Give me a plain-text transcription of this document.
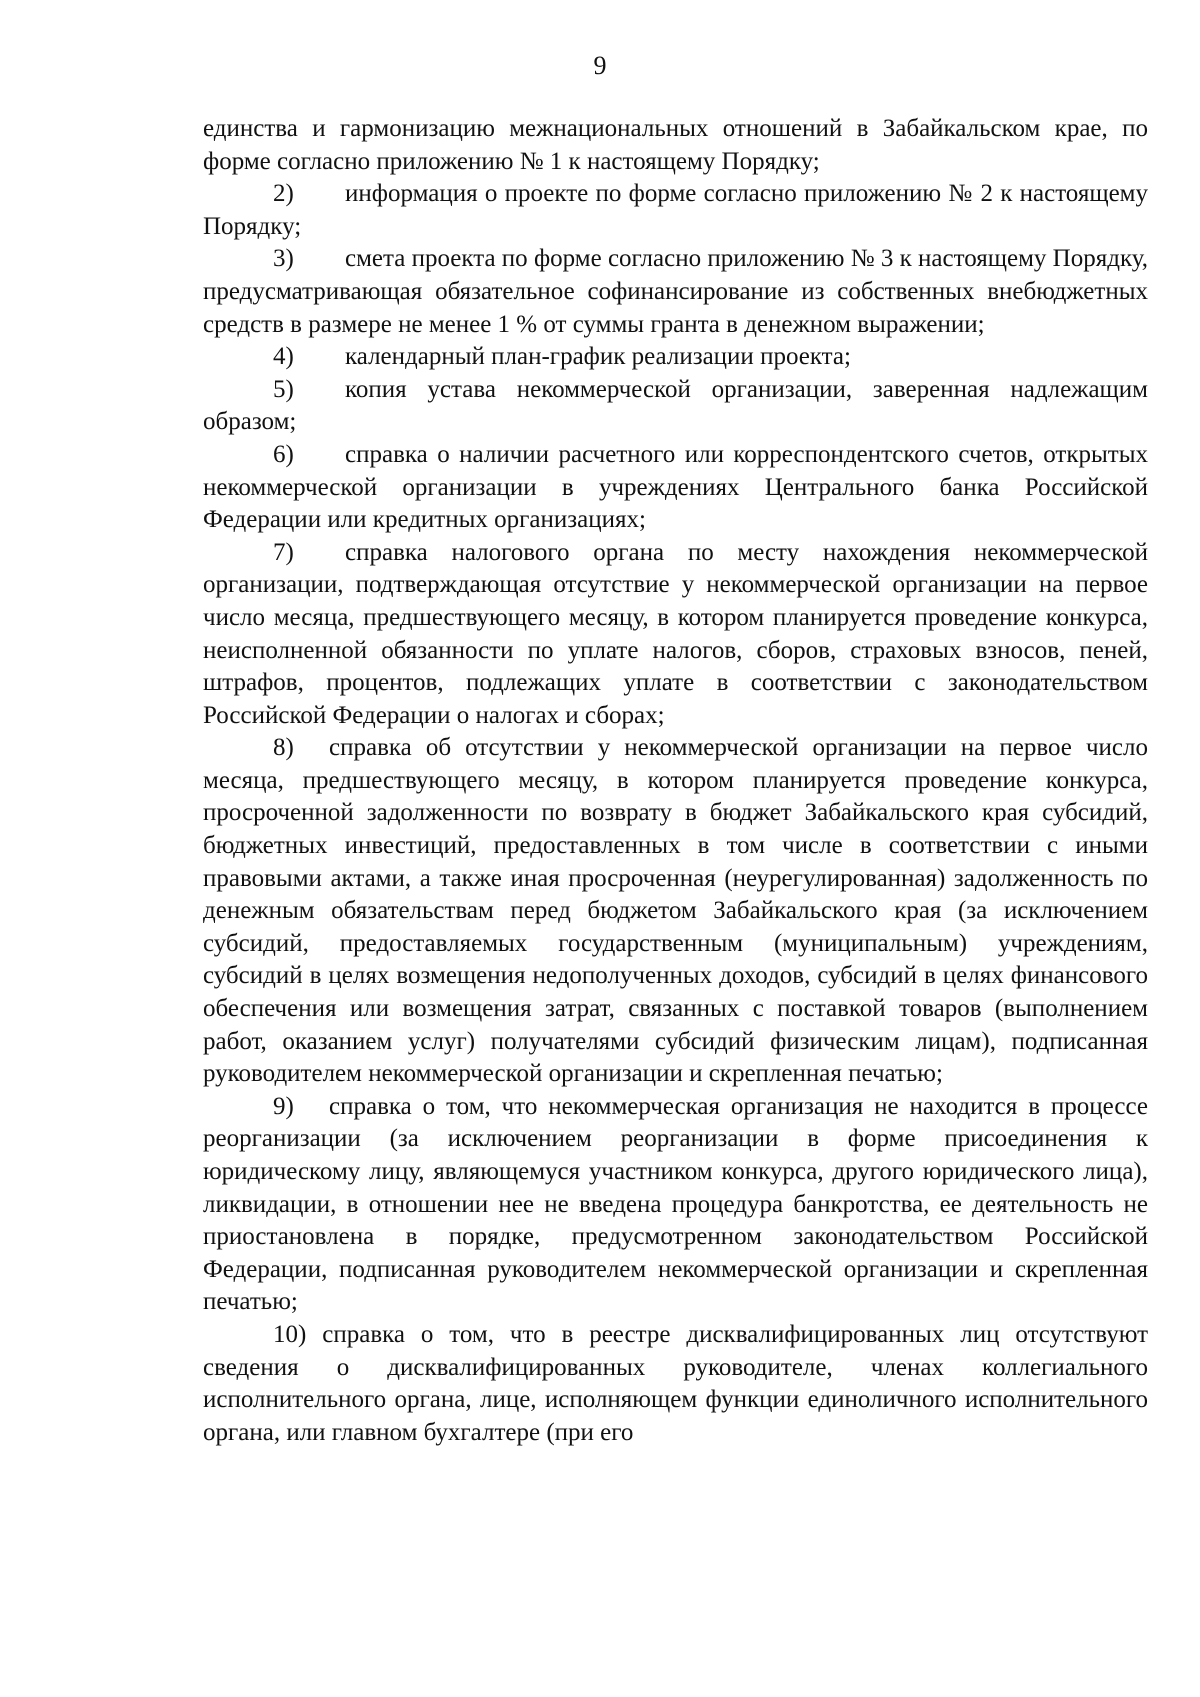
9

единства и гармонизацию межнациональных отношений в Забайкальском крае, по форме согласно приложению № 1 к настоящему Порядку;

2) информация о проекте по форме согласно приложению № 2 к настоящему Порядку;

3) смета проекта по форме согласно приложению № 3 к настоящему Порядку, предусматривающая обязательное софинансирование из собственных внебюджетных средств в размере не менее 1 % от суммы гранта в денежном выражении;

4) календарный план-график реализации проекта;

5) копия устава некоммерческой организации, заверенная надлежащим образом;

6) справка о наличии расчетного или корреспондентского счетов, открытых некоммерческой организации в учреждениях Центрального банка Российской Федерации или кредитных организациях;

7) справка налогового органа по месту нахождения некоммерческой организации, подтверждающая отсутствие у некоммерческой организации на первое число месяца, предшествующего месяцу, в котором планируется проведение конкурса, неисполненной обязанности по уплате налогов, сборов, страховых взносов, пеней, штрафов, процентов, подлежащих уплате в соответствии с законодательством Российской Федерации о налогах и сборах;

8) справка об отсутствии у некоммерческой организации на первое число месяца, предшествующего месяцу, в котором планируется проведение конкурса, просроченной задолженности по возврату в бюджет Забайкальского края субсидий, бюджетных инвестиций, предоставленных в том числе в соответствии с иными правовыми актами, а также иная просроченная (неурегулированная) задолженность по денежным обязательствам перед бюджетом Забайкальского края (за исключением субсидий, предоставляемых государственным (муниципальным) учреждениям, субсидий в целях возмещения недополученных доходов, субсидий в целях финансового обеспечения или возмещения затрат, связанных с поставкой товаров (выполнением работ, оказанием услуг) получателями субсидий физическим лицам), подписанная руководителем некоммерческой организации и скрепленная печатью;

9) справка о том, что некоммерческая организация не находится в процессе реорганизации (за исключением реорганизации в форме присоединения к юридическому лицу, являющемуся участником конкурса, другого юридического лица), ликвидации, в отношении нее не введена процедура банкротства, ее деятельность не приостановлена в порядке, предусмотренном законодательством Российской Федерации, подписанная руководителем некоммерческой организации и скрепленная печатью;

10) справка о том, что в реестре дисквалифицированных лиц отсутствуют сведения о дисквалифицированных руководителе, членах коллегиального исполнительного органа, лице, исполняющем функции единоличного исполнительного органа, или главном бухгалтере (при его
